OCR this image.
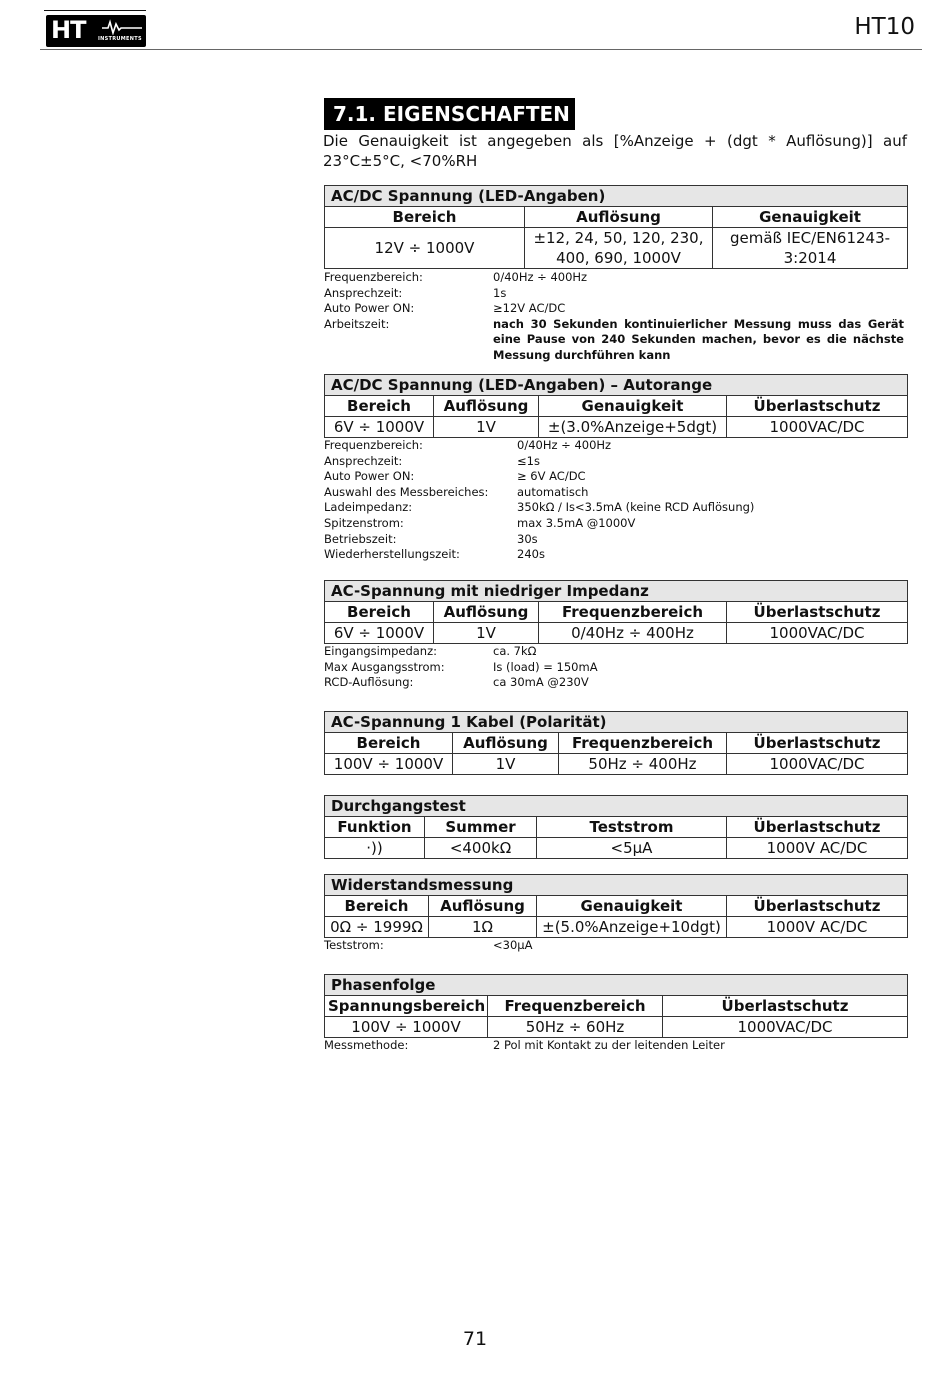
HT	INSTRUMENTS	HT10
7.1. EIGENSCHAFTEN
Die Genauigkeit ist angegeben als [%Anzeige + (dgt * Auflösung)] auf 23°C±5°C, <70%RH
AC/DC Spannung (LED-Angaben)		
Bereich	Auflösung	Genauigkeit
12V ÷ 1000V	±12, 24, 50, 120, 230, 400, 690, 1000V	gemäß IEC/EN61243-3:2014
Frequenzbereich:	0/40Hz ÷ 400Hz
Ansprechzeit:	1s
Auto Power ON:	≥12V AC/DC
Arbeitszeit:	nach 30 Sekunden kontinuierlicher Messung muss das Gerät eine Pause von 240 Sekunden machen, bevor es die nächste Messung durchführen kann
AC/DC Spannung (LED-Angaben) – Autorange			
Bereich	Auflösung	Genauigkeit	Überlastschutz
6V ÷ 1000V	1V	±(3.0%Anzeige+5dgt)	1000VAC/DC
Frequenzbereich:	0/40Hz ÷ 400Hz
Ansprechzeit:	≤1s
Auto Power ON:	≥ 6V AC/DC
Auswahl des Messbereiches: automatisch
Ladeimpedanz:	350kΩ / Is<3.5mA (keine RCD Auflösung)
Spitzenstrom:	max 3.5mA @1000V
Betriebszeit:	30s
Wiederherstellungszeit:	240s
AC-Spannung mit niedriger Impedanz			
Bereich	Auflösung	Frequenzbereich	Überlastschutz
6V ÷ 1000V	1V	0/40Hz ÷ 400Hz	1000VAC/DC
Eingangsimpedanz:	ca. 7kΩ
Max Ausgangsstrom:	Is (load) = 150mA
RCD-Auflösung:	ca 30mA @230V
AC-Spannung 1 Kabel (Polarität)			
Bereich	Auflösung	Frequenzbereich	Überlastschutz
100V ÷ 1000V	1V	50Hz ÷ 400Hz	1000VAC/DC
Durchgangstest			
Funktion	Summer	Teststrom	Überlastschutz
·))	<400kΩ	<5µA	1000V AC/DC
Widerstandsmessung			
Bereich	Auflösung	Genauigkeit	Überlastschutz
0Ω ÷ 1999Ω	1Ω	±(5.0%Anzeige+10dgt)	1000V AC/DC
Teststrom:	<30µA
Phasenfolge		
Spannungsbereich	Frequenzbereich	Überlastschutz
100V ÷ 1000V	50Hz ÷ 60Hz	1000VAC/DC
Messmethode:	2 Pol mit Kontakt zu der leitenden Leiter
71
